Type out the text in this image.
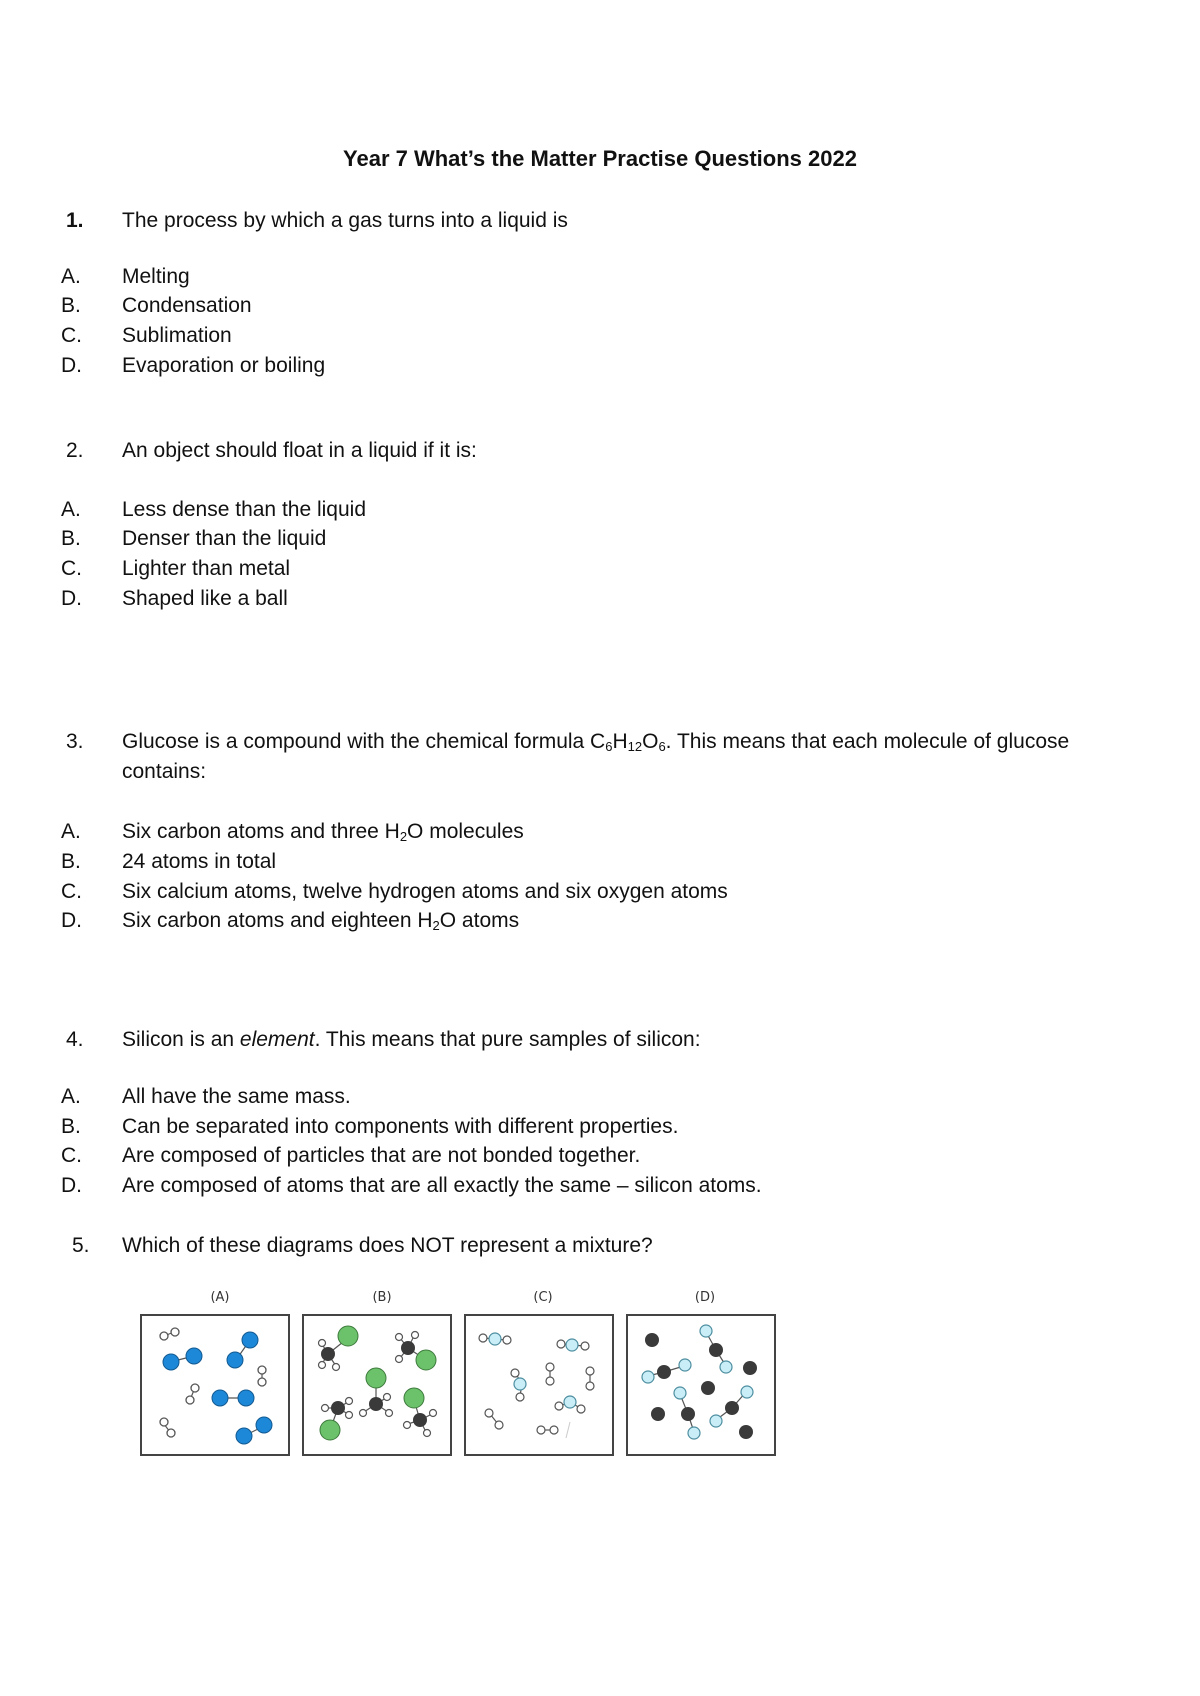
Year 7 What’s the Matter Practise Questions 2022
1. The process by which a gas turns into a liquid is
A. Melting
B. Condensation
C. Sublimation
D. Evaporation or boiling
2. An object should float in a liquid if it is:
A. Less dense than the liquid
B. Denser than the liquid
C. Lighter than metal
D. Shaped like a ball
3. Glucose is a compound with the chemical formula $C_6H_{12}O_6$. This means that each molecule of glucose
contains:
A. Six carbon atoms and three $H_2O$ molecules
B. 24 atoms in total
C. Six calcium atoms, twelve hydrogen atoms and six oxygen atoms
D. Six carbon atoms and eighteen $H_2O$ atoms
4. Silicon is an element. This means that pure samples of silicon:
A. All have the same mass.
B. Can be separated into components with different properties.
C. Are composed of particles that are not bonded together.
D. Are composed of atoms that are all exactly the same – silicon atoms.
5. Which of these diagrams does NOT represent a mixture?
(A)	(B)	(C)	(D)
